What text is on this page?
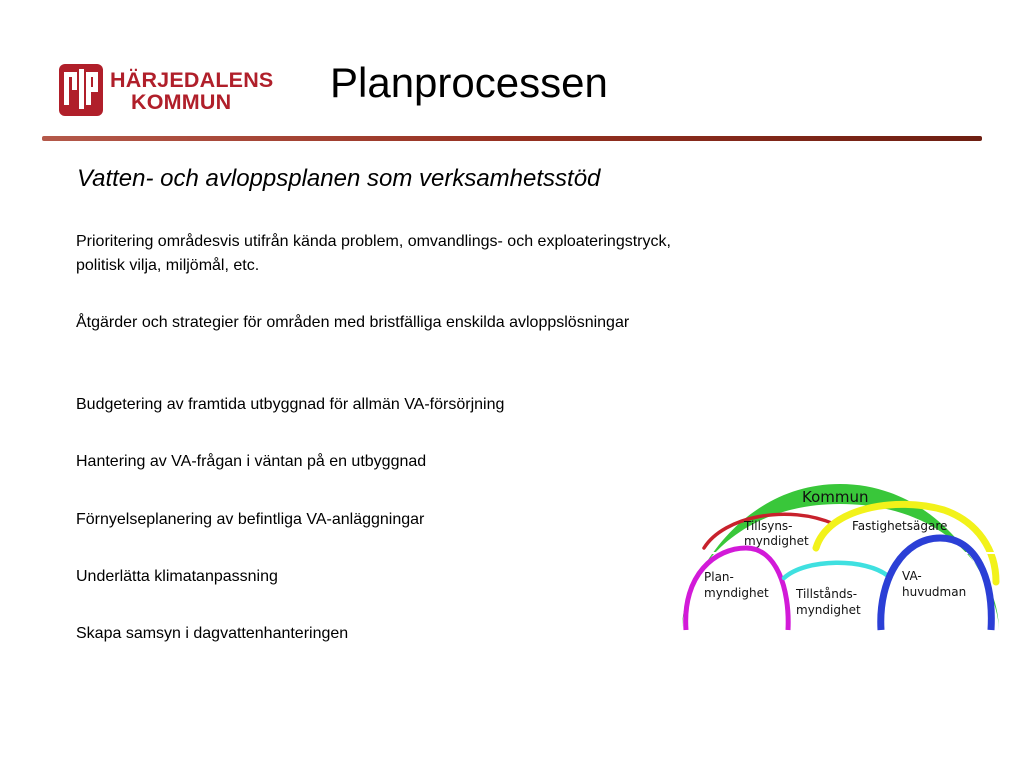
HÄRJEDALENS
KOMMUN Planprocessen
Vatten- och avloppsplanen som verksamhetsstöd
Prioritering områdesvis utifrån kända problem, omvandlings- och exploateringstryck, politisk vilja, miljömål, etc.
Åtgärder och strategier för områden med bristfälliga enskilda avloppslösningar
Budgetering av framtida utbyggnad för allmän VA-försörjning
Hantering av VA-frågan i väntan på en utbyggnad
Förnyelseplanering av befintliga VA-anläggningar
Underlätta klimatanpassning
Skapa samsyn i dagvattenhanteringen
Kommun
Tillsyns-
myndighet
Fastighetsägare
Plan-
myndighet Tillstånds-
myndighet
VA-
huvudman
